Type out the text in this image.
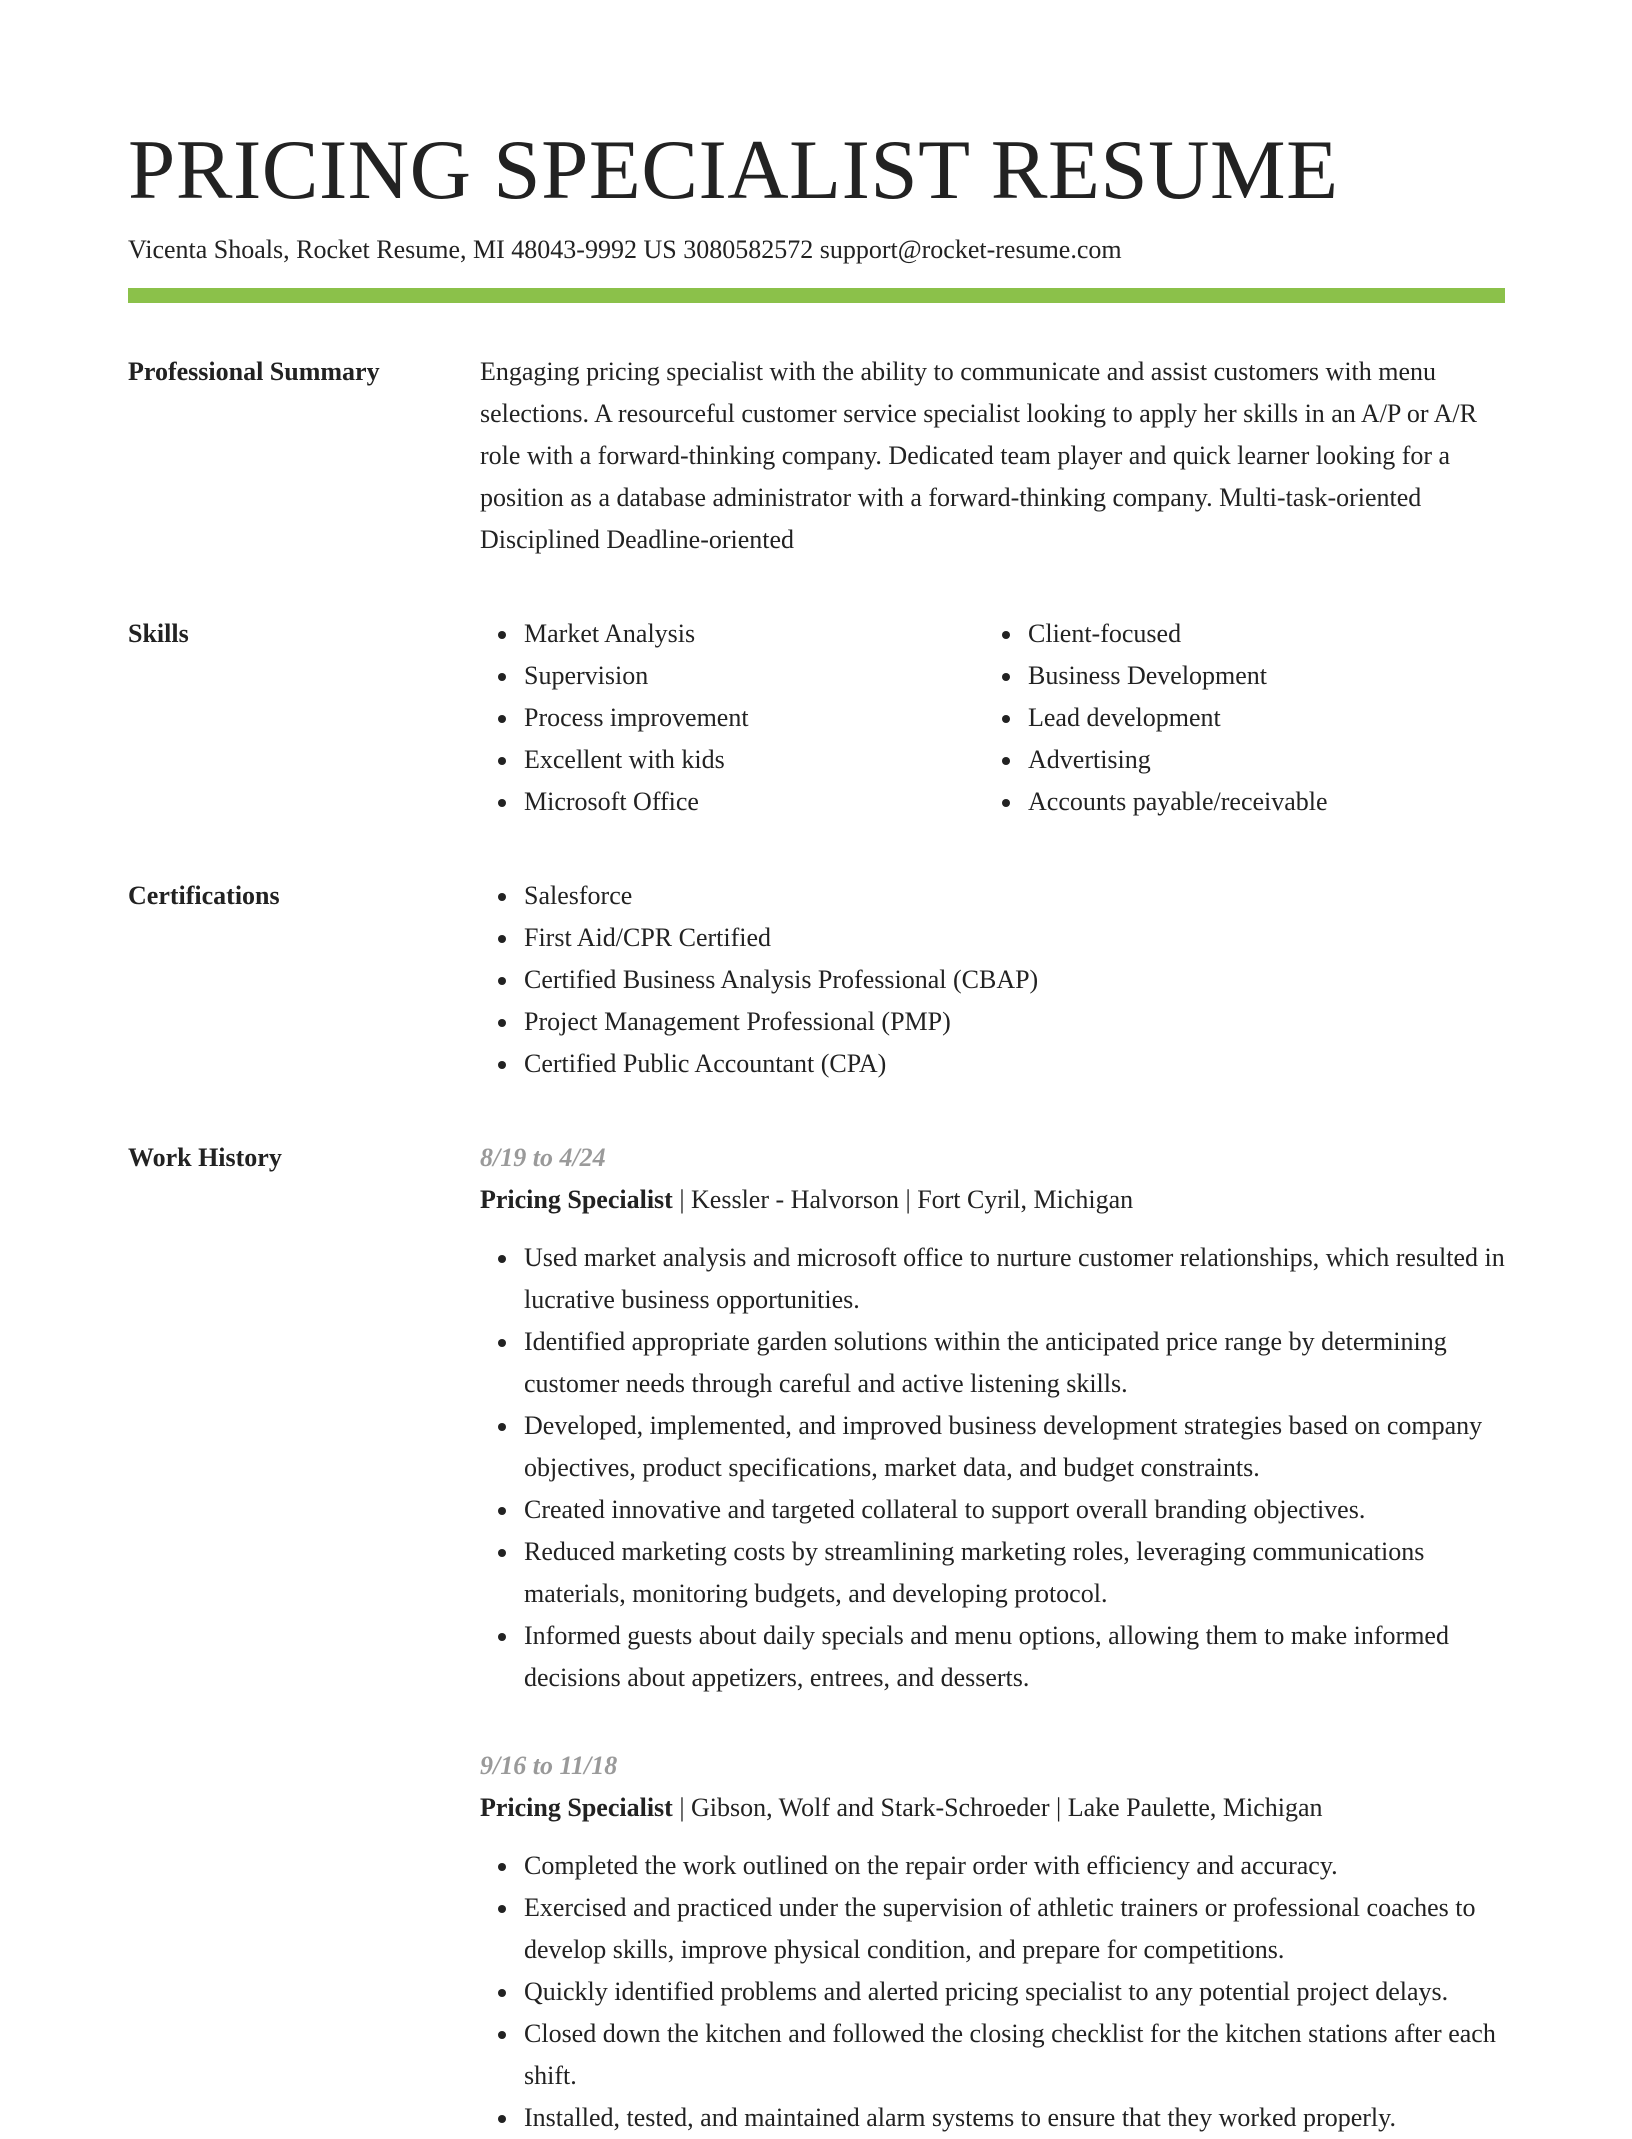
PRICING SPECIALIST RESUME
Vicenta Shoals, Rocket Resume, MI 48043-9992 US 3080582572 support@rocket-resume.com
Professional Summary	Engaging pricing specialist with the ability to communicate and assist customers with menu selections. A resourceful customer service specialist looking to apply her skills in an A/P or A/R role with a forward-thinking company. Dedicated team player and quick learner looking for a position as a database administrator with a forward-thinking company. Multi-task-oriented Disciplined Deadline-oriented

Skills	Market Analysis
Supervision
Process improvement
Excellent with kids
Microsoft Office
Client-focused
Business Development
Lead development
Advertising
Accounts payable/receivable
Certifications	Salesforce
First Aid/CPR Certified
Certified Business Analysis Professional (CBAP)
Project Management Professional (PMP)
Certified Public Accountant (CPA)
Work History	8/19 to 4/24
Pricing Specialist | Kessler - Halvorson | Fort Cyril, Michigan
Used market analysis and microsoft office to nurture customer relationships, which resulted in lucrative business opportunities.
Identified appropriate garden solutions within the anticipated price range by determining customer needs through careful and active listening skills.
Developed, implemented, and improved business development strategies based on company objectives, product specifications, market data, and budget constraints.
Created innovative and targeted collateral to support overall branding objectives.
Reduced marketing costs by streamlining marketing roles, leveraging communications materials, monitoring budgets, and developing protocol.
Informed guests about daily specials and menu options, allowing them to make informed decisions about appetizers, entrees, and desserts.
9/16 to 11/18
Pricing Specialist | Gibson, Wolf and Stark-Schroeder | Lake Paulette, Michigan
Completed the work outlined on the repair order with efficiency and accuracy.
Exercised and practiced under the supervision of athletic trainers or professional coaches to develop skills, improve physical condition, and prepare for competitions.
Quickly identified problems and alerted pricing specialist to any potential project delays.
Closed down the kitchen and followed the closing checklist for the kitchen stations after each shift.
Installed, tested, and maintained alarm systems to ensure that they worked properly.
